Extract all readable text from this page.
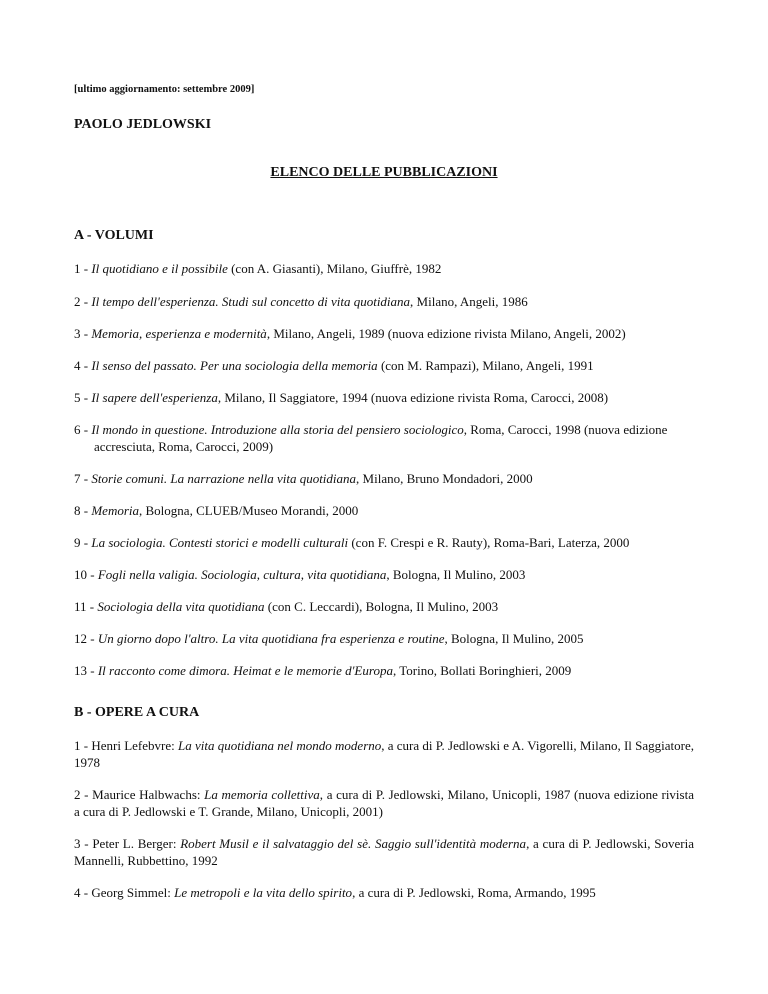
[ultimo aggiornamento: settembre 2009]
PAOLO JEDLOWSKI
ELENCO DELLE PUBBLICAZIONI
A - VOLUMI
1 - Il quotidiano e il possibile (con A. Giasanti), Milano, Giuffrè, 1982
2 - Il tempo dell'esperienza. Studi sul concetto di vita quotidiana, Milano, Angeli, 1986
3 - Memoria, esperienza e modernità, Milano, Angeli, 1989 (nuova edizione rivista Milano, Angeli, 2002)
4 - Il senso del passato. Per una sociologia della memoria (con M. Rampazi), Milano, Angeli, 1991
5 - Il sapere dell'esperienza, Milano, Il Saggiatore, 1994 (nuova edizione rivista Roma, Carocci, 2008)
6 - Il mondo in questione. Introduzione alla storia del pensiero sociologico, Roma, Carocci, 1998 (nuova edizione accresciuta, Roma, Carocci, 2009)
7 - Storie comuni. La narrazione nella vita quotidiana, Milano, Bruno Mondadori, 2000
8 - Memoria, Bologna, CLUEB/Museo Morandi, 2000
9 - La sociologia. Contesti storici e modelli culturali (con F. Crespi e R. Rauty), Roma-Bari, Laterza, 2000
10 - Fogli nella valigia. Sociologia, cultura, vita quotidiana, Bologna, Il Mulino, 2003
11 - Sociologia della vita quotidiana (con C. Leccardi), Bologna, Il Mulino, 2003
12 - Un giorno dopo l'altro. La vita quotidiana fra esperienza e routine, Bologna, Il Mulino, 2005
13 - Il racconto come dimora. Heimat e le memorie d'Europa, Torino, Bollati Boringhieri, 2009
B - OPERE A CURA
1 - Henri Lefebvre: La vita quotidiana nel mondo moderno, a cura di P. Jedlowski e A. Vigorelli, Milano, Il Saggiatore, 1978
2 - Maurice Halbwachs: La memoria collettiva, a cura di P. Jedlowski, Milano, Unicopli, 1987 (nuova edizione rivista a cura di P. Jedlowski e T. Grande, Milano, Unicopli, 2001)
3 - Peter L. Berger: Robert Musil e il salvataggio del sè. Saggio sull'identità moderna, a cura di P. Jedlowski, Soveria Mannelli, Rubbettino, 1992
4 - Georg Simmel: Le metropoli e la vita dello spirito, a cura di P. Jedlowski, Roma, Armando, 1995
